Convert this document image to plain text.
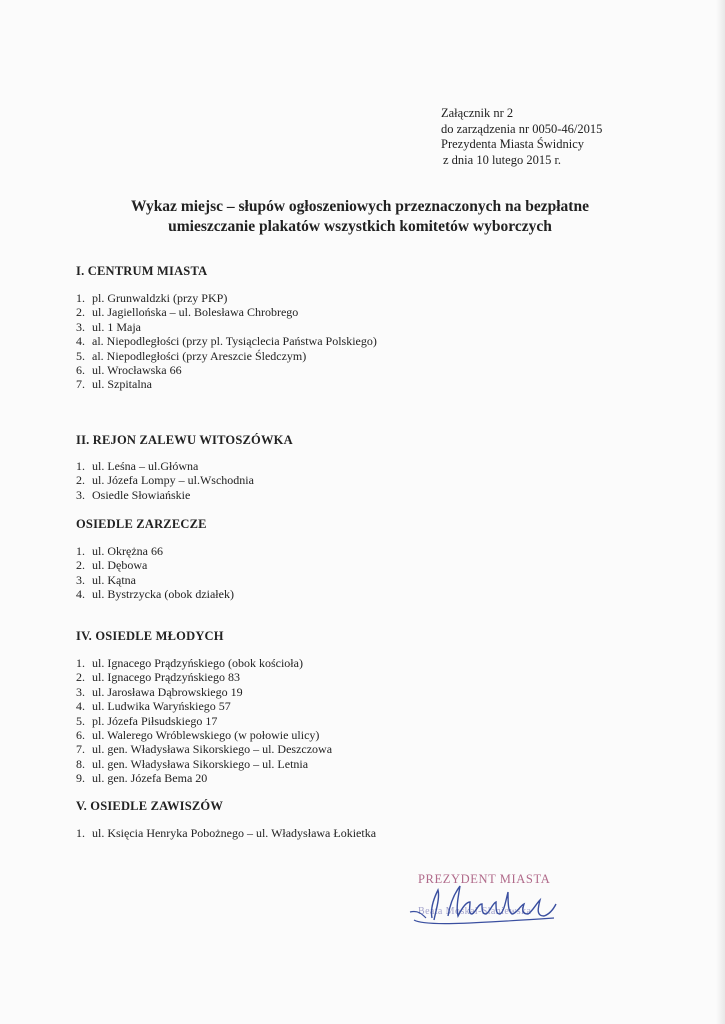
Załącznik nr 2
do zarządzenia nr 0050-46/2015
Prezydenta Miasta Świdnicy
z dnia 10 lutego 2015 r.
Wykaz miejsc – słupów ogłoszeniowych przeznaczonych na bezpłatne
umieszczanie plakatów wszystkich komitetów wyborczych
I. CENTRUM MIASTA
1. pl. Grunwaldzki (przy PKP)
2. ul. Jagiellońska – ul. Bolesława Chrobrego
3. ul. 1 Maja
4. al. Niepodległości (przy pl. Tysiąclecia Państwa Polskiego)
5. al. Niepodległości (przy Areszcie Śledczym)
6. ul. Wrocławska 66
7. ul. Szpitalna
II. REJON ZALEWU WITOSZÓWKA
1. ul. Leśna – ul.Główna
2. ul. Józefa Lompy – ul.Wschodnia
3. Osiedle Słowiańskie
OSIEDLE ZARZECZE
1. ul. Okrężna 66
2. ul. Dębowa
3. ul. Kątna
4. ul. Bystrzycka (obok działek)
IV. OSIEDLE MŁODYCH
1. ul. Ignacego Prądzyńskiego (obok kościoła)
2. ul. Ignacego Prądzyńskiego 83
3. ul. Jarosława Dąbrowskiego 19
4. ul. Ludwika Waryńskiego 57
5. pl. Józefa Piłsudskiego 17
6. ul. Walerego Wróblewskiego (w połowie ulicy)
7. ul. gen. Władysława Sikorskiego – ul. Deszczowa
8. ul. gen. Władysława Sikorskiego – ul. Letnia
9. ul. gen. Józefa Bema 20
V. OSIEDLE ZAWISZÓW
1. ul. Księcia Henryka Pobożnego – ul. Władysława Łokietka
PREZYDENT MIASTA
Beata Moskal-Słaniewska
